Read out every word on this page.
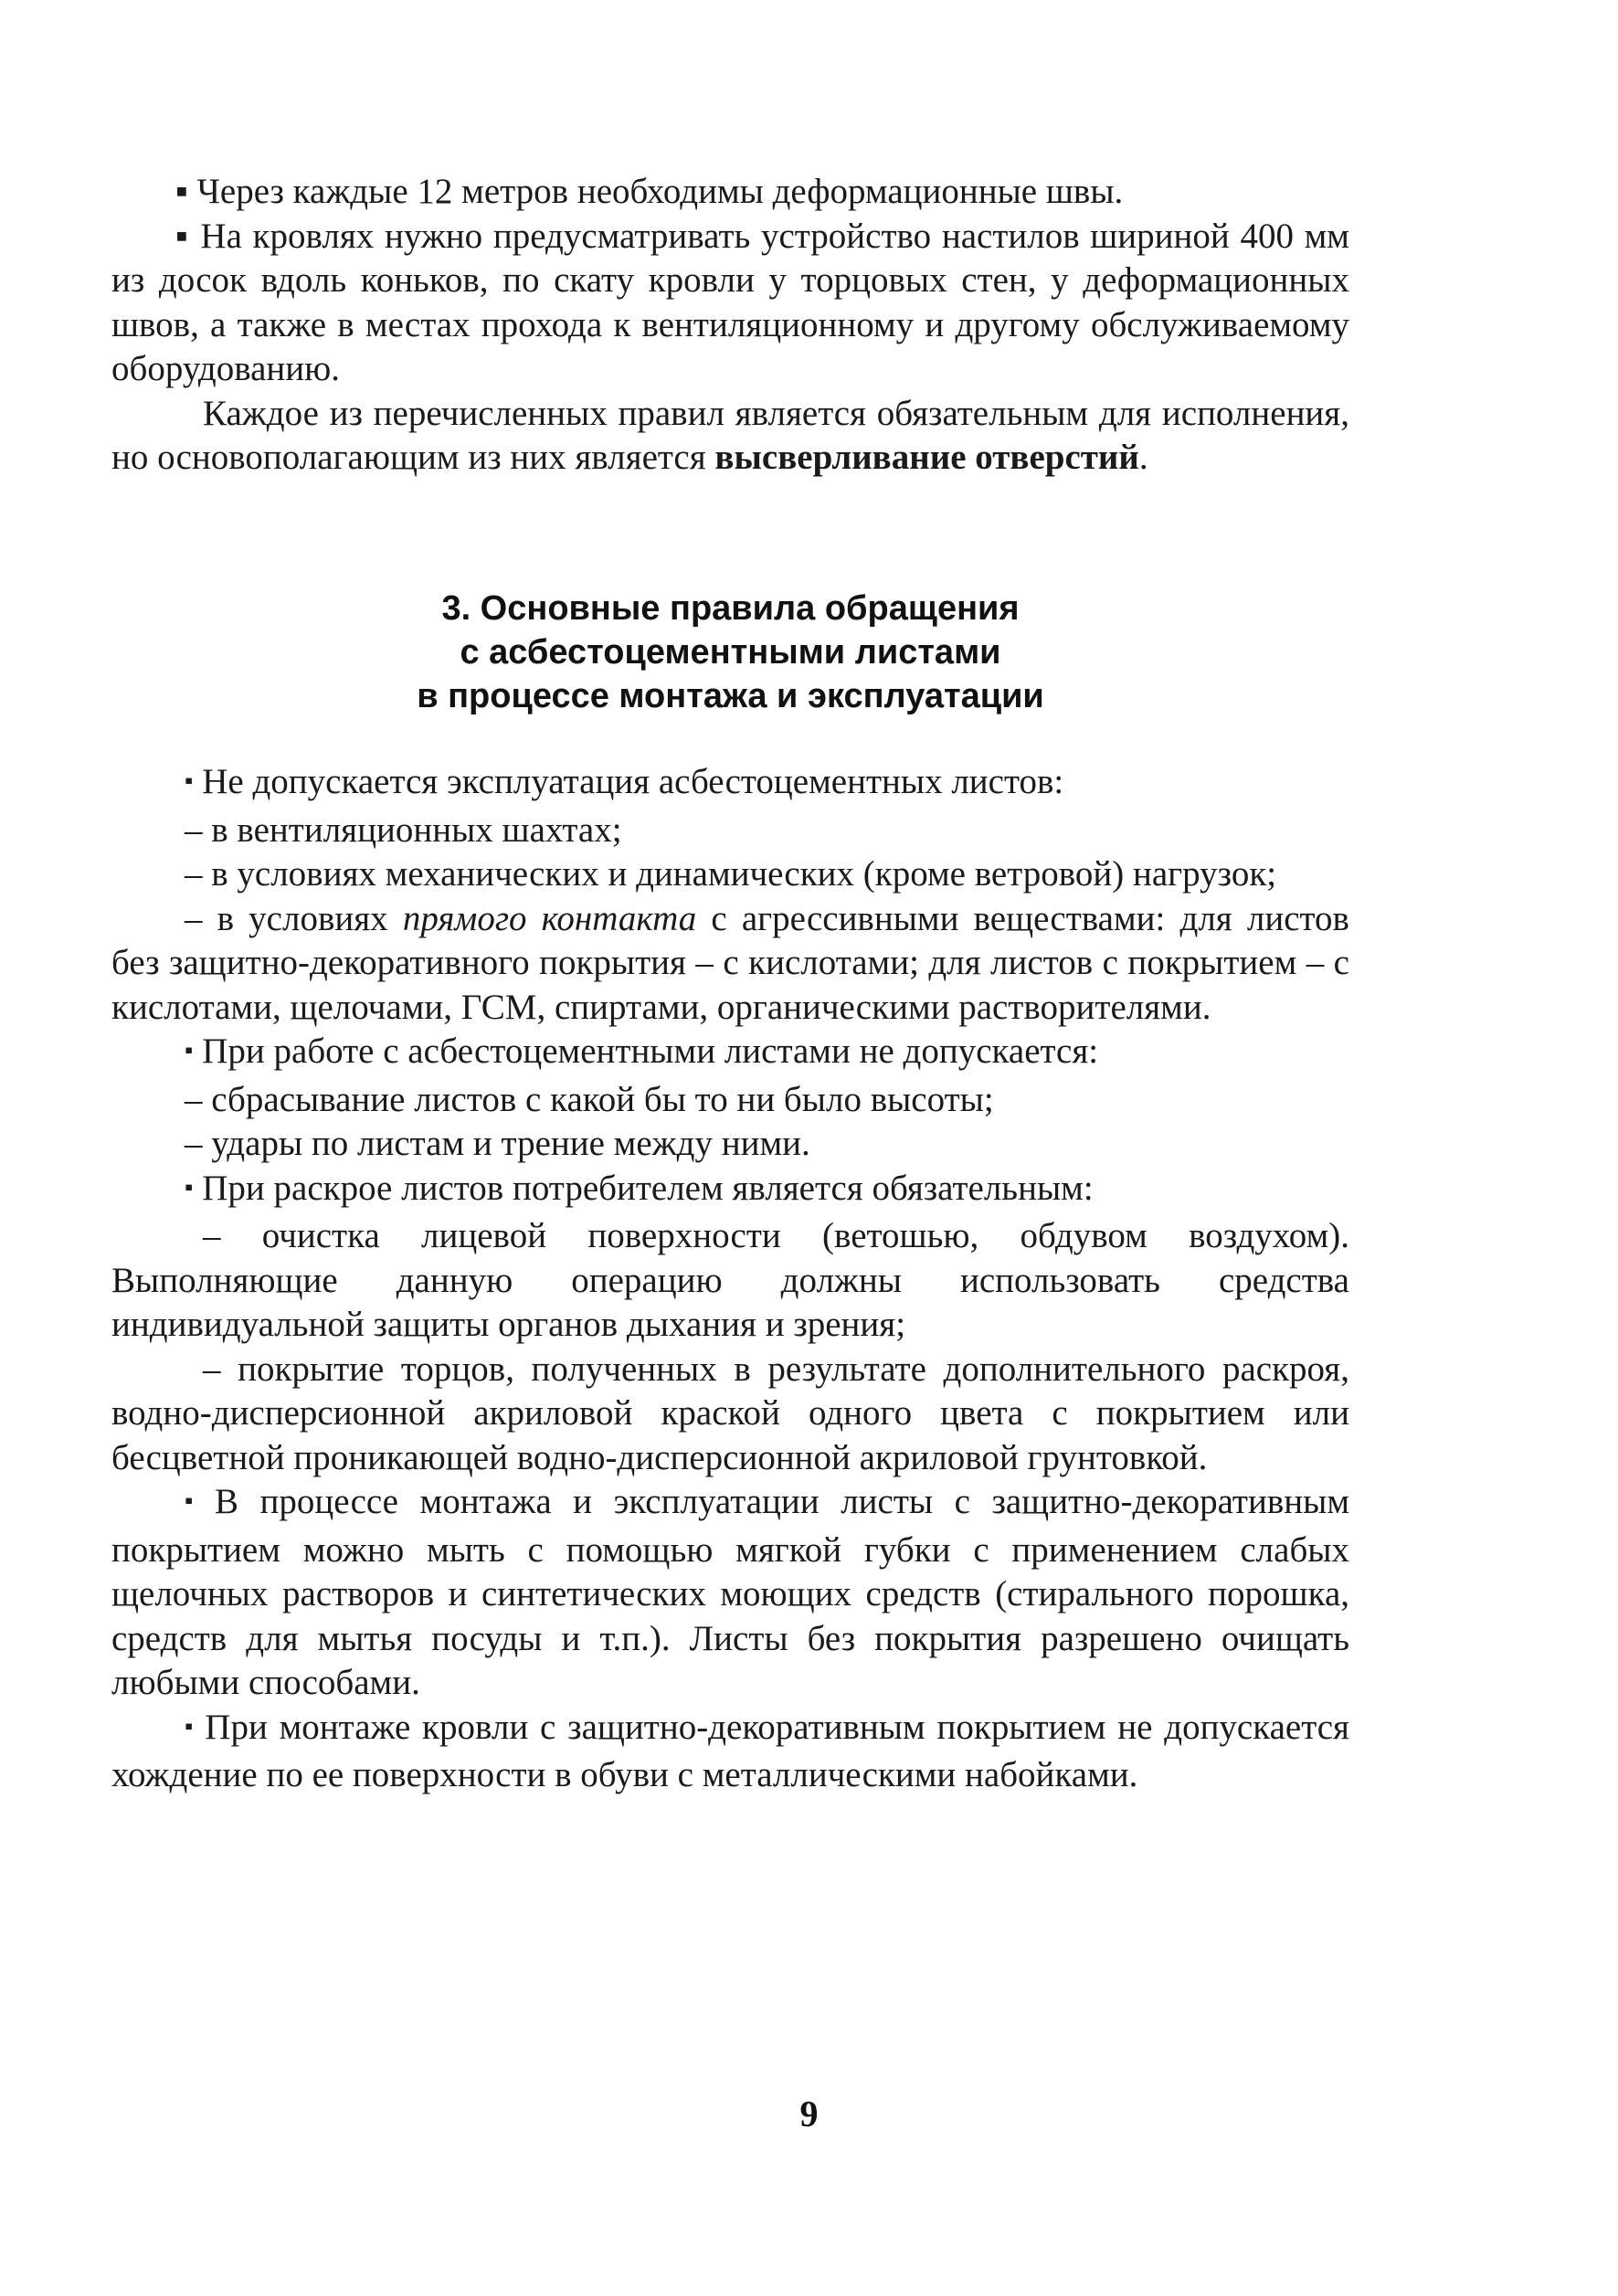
▪ Через каждые 12 метров необходимы деформационные швы.

▪ На кровлях нужно предусматривать устройство настилов шириной 400 мм из досок вдоль коньков, по скату кровли у торцовых стен, у деформационных швов, а также в местах прохода к вентиляционному и другому обслуживаемому оборудованию.

Каждое из перечисленных правил является обязательным для исполнения, но основополагающим из них является высверливание отверстий.

3. Основные правила обращения
с асбестоцементными листами
в процессе монтажа и эксплуатации

▪ Не допускается эксплуатация асбестоцементных листов:

– в вентиляционных шахтах;

– в условиях механических и динамических (кроме ветровой) нагрузок;

– в условиях прямого контакта с агрессивными веществами: для листов без защитно-декоративного покрытия – с кислотами; для листов с покрытием – с кислотами, щелочами, ГСМ, спиртами, органическими растворителями.

▪ При работе с асбестоцементными листами не допускается:

– сбрасывание листов с какой бы то ни было высоты;

– удары по листам и трение между ними.

▪ При раскрое листов потребителем является обязательным:

– очистка лицевой поверхности (ветошью, обдувом воздухом). Выполняющие данную операцию должны использовать средства индивидуальной защиты органов дыхания и зрения;

– покрытие торцов, полученных в результате дополнительного раскроя, водно-дисперсионной акриловой краской одного цвета с покрытием или бесцветной проникающей водно-дисперсионной акриловой грунтовкой.

▪ В процессе монтажа и эксплуатации листы с защитно-декоративным покрытием можно мыть с помощью мягкой губки с применением слабых щелочных растворов и синтетических моющих средств (стирального порошка, средств для мытья посуды и т.п.). Листы без покрытия разрешено очищать любыми способами.

▪ При монтаже кровли с защитно-декоративным покрытием не допускается хождение по ее поверхности в обуви с металлическими набойками.

9
